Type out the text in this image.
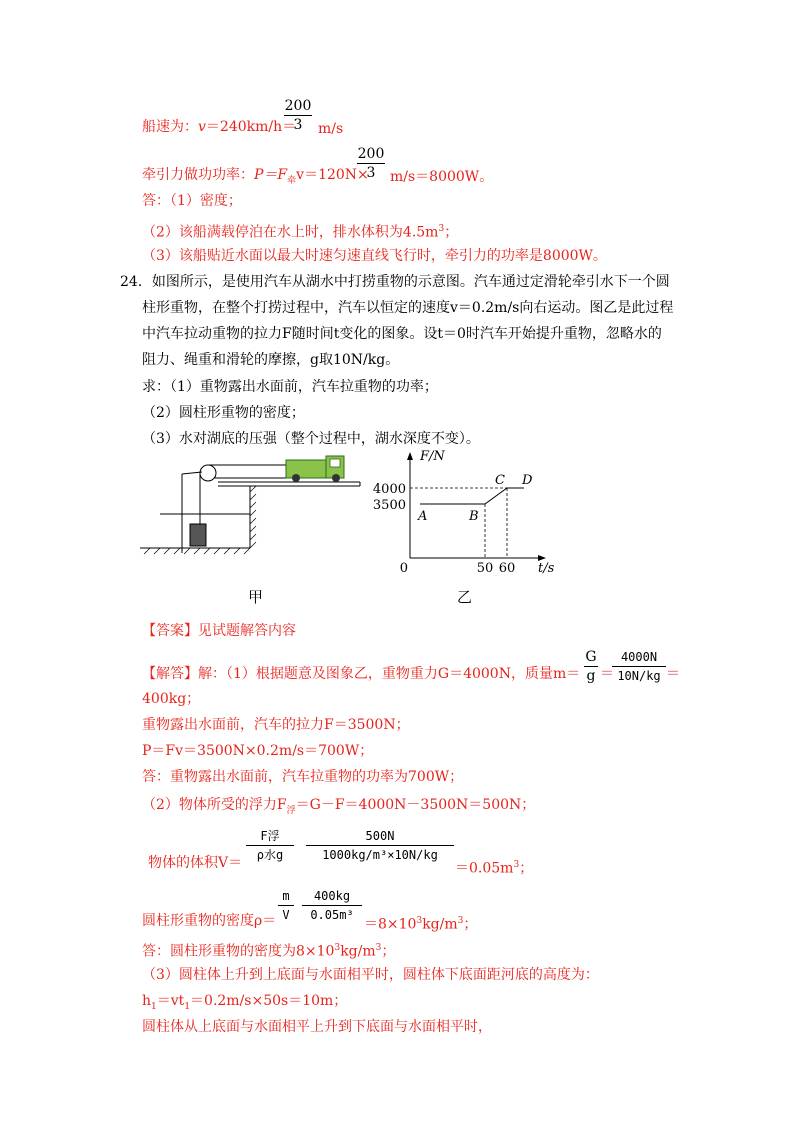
船速为：v＝240km/h＝
200
3	m/s
牵引力做功功率：$P=F_牵v=120N\times$
200
3	m/s＝8000W。
答：（1）密度；
（2）该船满载停泊在水上时，排水体积为$4.5m^3$；
（3）该船贴近水面以最大时速匀速直线飞行时，牵引力的功率是8000W。
24．如图所示，是使用汽车从湖水中打捞重物的示意图。汽车通过定滑轮牵引水下一个圆
柱形重物，在整个打捞过程中，汽车以恒定的速度v＝0.2m/s向右运动。图乙是此过程
中汽车拉动重物的拉力F随时间t变化的图象。设t＝0时汽车开始提升重物，忽略水的
阻力、绳重和滑轮的摩擦，g取10N/kg。
求：（1）重物露出水面前，汽车拉重物的功率；
（2）圆柱形重物的密度；
（3）水对湖底的压强（整个过程中，湖水深度不变）。
F/N
t/s
0
A	B
C D
4000
3500
50 60
甲	乙
【答案】见试题解答内容
【解答】解：（1）根据题意及图象乙，重物重力G＝4000N，质量m＝
G
g ＝
4000N
10N/kg ＝
400kg；
重物露出水面前，汽车的拉力F＝3500N；
P＝Fv＝3500N×0.2m/s＝700W；
答：重物露出水面前，汽车拉重物的功率为700W；
（2）物体所受的浮力$F_浮=G-F=4000N-3500N=500N$；
物体的体积V＝
F浮
ρ水g
500N
1000kg/m³×10N/kg
$=0.05m^3$；
圆柱形重物的密度ρ＝
m
V
400kg
0.05m³
$=8\times 10^3kg/m^3$；
答：圆柱形重物的密度为$8\times 10^3kg/m^3$；
（3）圆柱体上升到上底面与水面相平时，圆柱体下底面距河底的高度为：
$h_1=vt_1=0.2m/s\times 50s=10m$；
圆柱体从上底面与水面相平上升到下底面与水面相平时，
